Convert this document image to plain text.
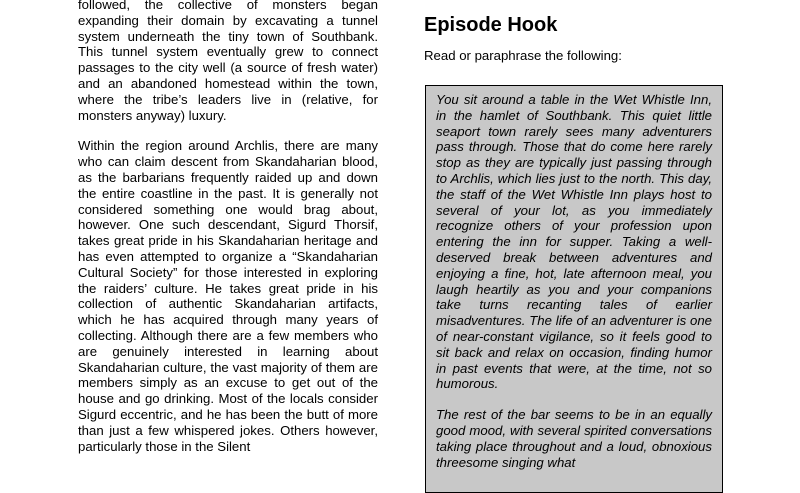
followed, the collective of monsters began expanding their domain by excavating a tunnel system underneath the tiny town of Southbank. This tunnel system eventually grew to connect passages to the city well (a source of fresh water) and an abandoned homestead within the town, where the tribe’s leaders live in (relative, for monsters anyway) luxury.

Within the region around Archlis, there are many who can claim descent from Skandaharian blood, as the barbarians frequently raided up and down the entire coastline in the past. It is generally not considered something one would brag about, however. One such descendant, Sigurd Thorsif, takes great pride in his Skandaharian heritage and has even attempted to organize a “Skandaharian Cultural Society” for those interested in exploring the raiders’ culture. He takes great pride in his collection of authentic Skandaharian artifacts, which he has acquired through many years of collecting. Although there are a few members who are genuinely interested in learning about Skandaharian culture, the vast majority of them are members simply as an excuse to get out of the house and go drinking. Most of the locals consider Sigurd eccentric, and he has been the butt of more than just a few whispered jokes. Others however, particularly those in the Silent

Episode Hook

Read or paraphrase the following:

You sit around a table in the Wet Whistle Inn, in the hamlet of Southbank. This quiet little seaport town rarely sees many adventurers pass through. Those that do come here rarely stop as they are typically just passing through to Archlis, which lies just to the north. This day, the staff of the Wet Whistle Inn plays host to several of your lot, as you immediately recognize others of your profession upon entering the inn for supper. Taking a well-deserved break between adventures and enjoying a fine, hot, late afternoon meal, you laugh heartily as you and your companions take turns recanting tales of earlier misadventures. The life of an adventurer is one of near-constant vigilance, so it feels good to sit back and relax on occasion, finding humor in past events that were, at the time, not so humorous.

The rest of the bar seems to be in an equally good mood, with several spirited conversations taking place throughout and a loud, obnoxious threesome singing what
